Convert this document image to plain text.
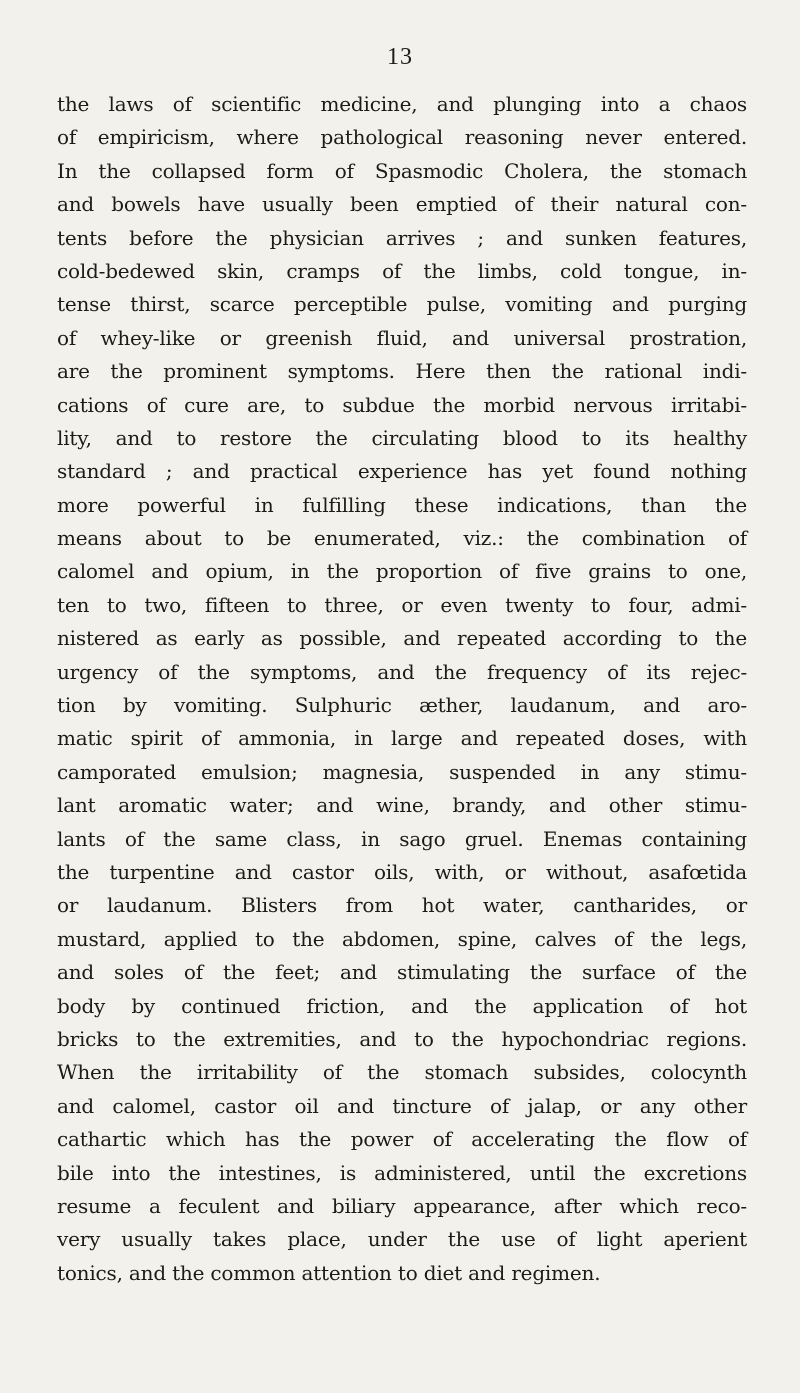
13
the laws of scientific medicine, and plunging into a chaos
of empiricism, where pathological reasoning never entered.
In the collapsed form of Spasmodic Cholera, the stomach
and bowels have usually been emptied of their natural con-
tents before the physician arrives ; and sunken features,
cold-bedewed skin, cramps of the limbs, cold tongue, in-
tense thirst, scarce perceptible pulse, vomiting and purging
of whey-like or greenish fluid, and universal prostration,
are the prominent symptoms. Here then the rational indi-
cations of cure are, to subdue the morbid nervous irritabi-
lity, and to restore the circulating blood to its healthy
standard ; and practical experience has yet found nothing
more powerful in fulfilling these indications, than the
means about to be enumerated, viz.: the combination of
calomel and opium, in the proportion of five grains to one,
ten to two, fifteen to three, or even twenty to four, admi-
nistered as early as possible, and repeated according to the
urgency of the symptoms, and the frequency of its rejec-
tion by vomiting. Sulphuric æther, laudanum, and aro-
matic spirit of ammonia, in large and repeated doses, with
camporated emulsion; magnesia, suspended in any stimu-
lant aromatic water; and wine, brandy, and other stimu-
lants of the same class, in sago gruel. Enemas containing
the turpentine and castor oils, with, or without, asafœtida
or laudanum. Blisters from hot water, cantharides, or
mustard, applied to the abdomen, spine, calves of the legs,
and soles of the feet; and stimulating the surface of the
body by continued friction, and the application of hot
bricks to the extremities, and to the hypochondriac regions.
When the irritability of the stomach subsides, colocynth
and calomel, castor oil and tincture of jalap, or any other
cathartic which has the power of accelerating the flow of
bile into the intestines, is administered, until the excretions
resume a feculent and biliary appearance, after which reco-
very usually takes place, under the use of light aperient
tonics, and the common attention to diet and regimen.
